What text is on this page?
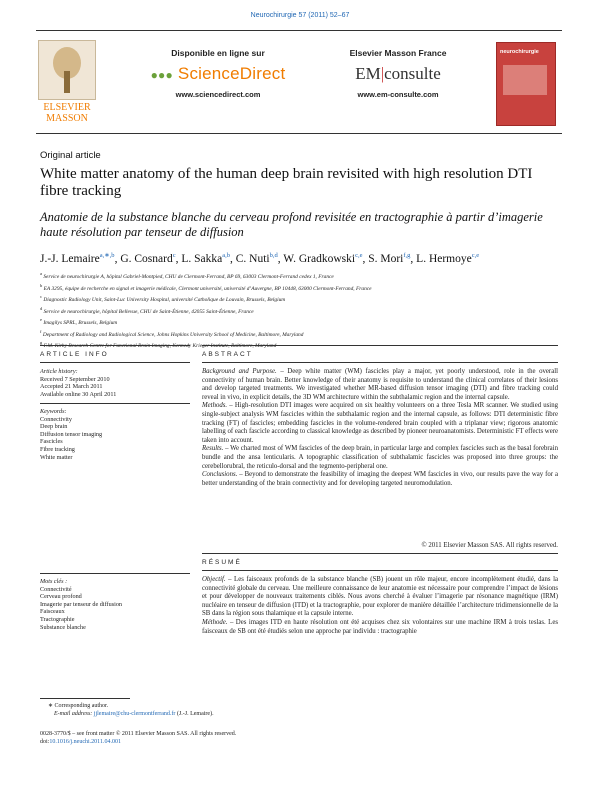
Neurochirurgie 57 (2011) 52–67
ELSEVIER
MASSON
Disponible en ligne sur
●●● ScienceDirect
www.sciencedirect.com
Elsevier Masson France
EM|consulte
www.em-consulte.com
neurochirurgie
Original article
White matter anatomy of the human deep brain revisited with high resolution DTI fibre tracking
Anatomie de la substance blanche du cerveau profond revisitée en tractographie à partir d’imagerie haute résolution par tenseur de diffusion
J.-J. Lemaire$^{a,∗,b}$, G. Cosnard$^c$, L. Sakka$^{a,b}$, C. Nuti$^{b,d}$, W. Gradkowski$^{c,e}$, S. Mori$^{f,g}$, L. Hermoye$^{c,e}$
$^a$ Service de neurochirurgie A, hôpital Gabriel-Montpied, CHU de Clermont-Ferrand, BP 69, 63003 Clermont-Ferrand cedex 1, France
$^b$ EA 3295, équipe de recherche en signal et imagerie médicale, Clermont université, université d’Auvergne, BP 10448, 63000 Clermont-Ferrand, France
$^c$ Diagnostic Radiology Unit, Saint-Luc University Hospital, université Catholique de Louvain, Brussels, Belgium
$^d$ Service de neurochirurgie, hôpital Bellevue, CHU de Saint-Étienne, 42055 Saint-Étienne, France
$^e$ Imagilys SPRL, Brussels, Belgium
$^f$ Department of Radiology and Radiological Science, Johns Hopkins University School of Medicine, Baltimore, Maryland
$^g$ F.M. Kirby Research Centre for Functional Brain Imaging, Kennedy Krieger Institute, Baltimore, Maryland
ARTICLE INFO
Article history:
Received 7 September 2010
Accepted 21 March 2011
Available online 30 April 2011
Keywords:
Connectivity
Deep brain
Diffusion tensor imaging
Fascicles
Fibre tracking
White matter
ABSTRACT

Background and Purpose. – Deep white matter (WM) fascicles play a major, yet poorly understood, role in the overall connectivity of human brain. Better knowledge of their anatomy is requisite to understand the clinical correlates of their lesions and develop targeted treatments. We investigated whether MR-based diffusion tensor imaging (DTI) and fibre tracking could reveal in vivo, in explicit details, the 3D WM architecture within the subthalamic region and the internal capsule.

Methods. – High-resolution DTI images were acquired on six healthy volunteers on a three Tesla MR scanner. We studied using single-subject analysis WM fascicles within the subthalamic region and the internal capsule, as follows: DTI deterministic fibre tracking (FT) of fascicles; embedding fascicles in the volume-rendered brain coupled with a triplanar view; rigorous anatomic labelling of each fascicle according to classical knowledge as described by pioneer neuroanatomists. Deterministic FT effects were taken into account.

Results. – We charted most of WM fascicles of the deep brain, in particular large and complex fascicles such as the basal forebrain bundle and the ansa lenticularis. A topographic classification of subthalamic fascicles was proposed into three groups: the cerebellorubral, the reticulo-dorsal and the tegmento-peripheral one.

Conclusions. – Beyond to demonstrate the feasibility of imaging the deepest WM fascicles in vivo, our results pave the way for a better understanding of the brain connectivity and for developing targeted neuromodulation.

© 2011 Elsevier Masson SAS. All rights reserved.
Mots clés :
Connectivité
Cerveau profond
Imagerie par tenseur de diffusion
Faisceaux
Tractographie
Substance blanche
RÉSUMÉ

Objectif. – Les faisceaux profonds de la substance blanche (SB) jouent un rôle majeur, encore incomplètement étudié, dans la connectivité globale du cerveau. Une meilleure connaissance de leur anatomie est nécessaire pour comprendre l’impact de lésions et pour développer de nouveaux traitements ciblés. Nous avons cherché à évaluer l’imagerie par résonance magnétique (IRM) nucléaire en tenseur de diffusion (ITD) et la tractographie, pour explorer de manière détaillée l’architecture tridimensionnelle de la SB dans la région sous thalamique et la capsule interne.

Méthode. – Des images ITD en haute résolution ont été acquises chez six volontaires sur une machine IRM à trois teslas. Les faisceaux de SB ont été étudiés selon une approche par individu : tractographie

∗ Corresponding author.
E-mail address: jjlemaire@chu-clermontferrand.fr (J.-J. Lemaire).
0028-3770/$ – see front matter © 2011 Elsevier Masson SAS. All rights reserved.
doi:10.1016/j.neuchi.2011.04.001
